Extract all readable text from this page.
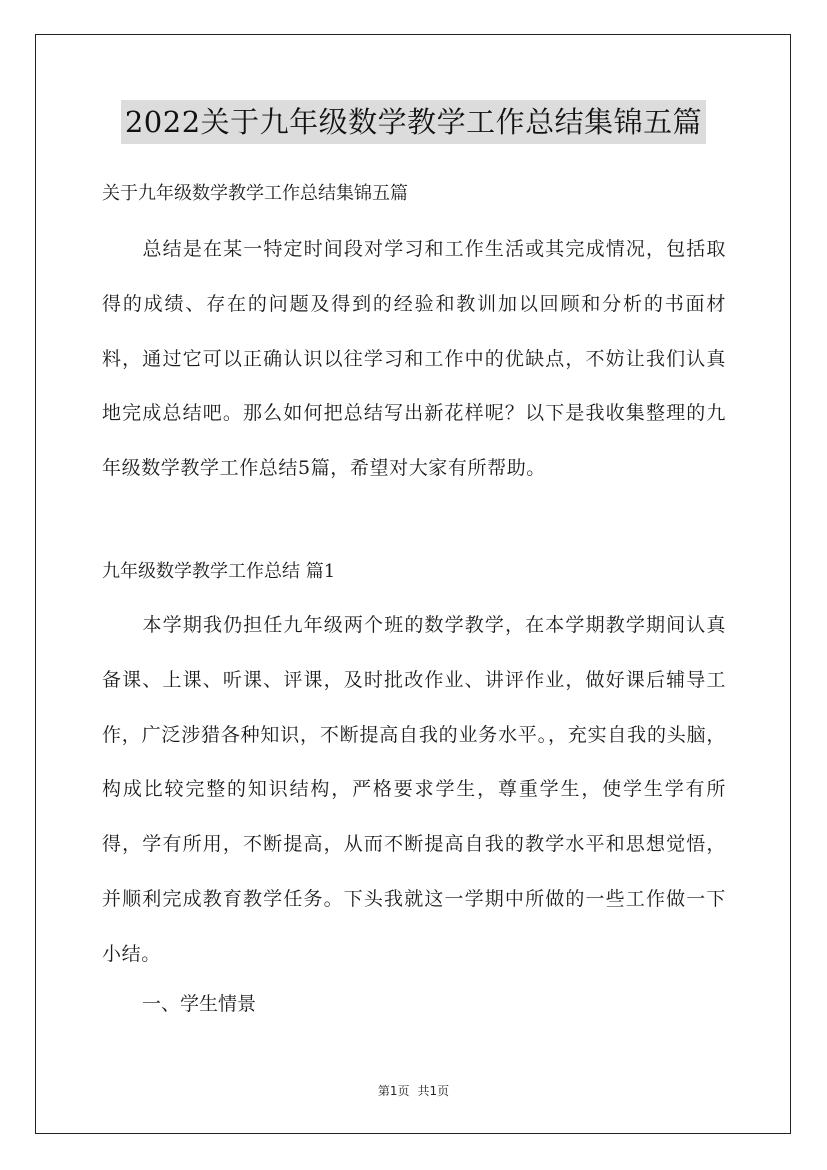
2022关于九年级数学教学工作总结集锦五篇
关于九年级数学教学工作总结集锦五篇

总结是在某一特定时间段对学习和工作生活或其完成情况，包括取得的成绩、存在的问题及得到的经验和教训加以回顾和分析的书面材料，通过它可以正确认识以往学习和工作中的优缺点，不妨让我们认真地完成总结吧。那么如何把总结写出新花样呢？以下是我收集整理的九年级数学教学工作总结5篇，希望对大家有所帮助。

九年级数学教学工作总结 篇1

本学期我仍担任九年级两个班的数学教学，在本学期教学期间认真备课、上课、听课、评课，及时批改作业、讲评作业，做好课后辅导工作，广泛涉猎各种知识，不断提高自我的业务水平。，充实自我的头脑，构成比较完整的知识结构，严格要求学生，尊重学生，使学生学有所得，学有所用，不断提高，从而不断提高自我的教学水平和思想觉悟，并顺利完成教育教学任务。下头我就这一学期中所做的一些工作做一下小结。

一、学生情景
第1页 共1页
